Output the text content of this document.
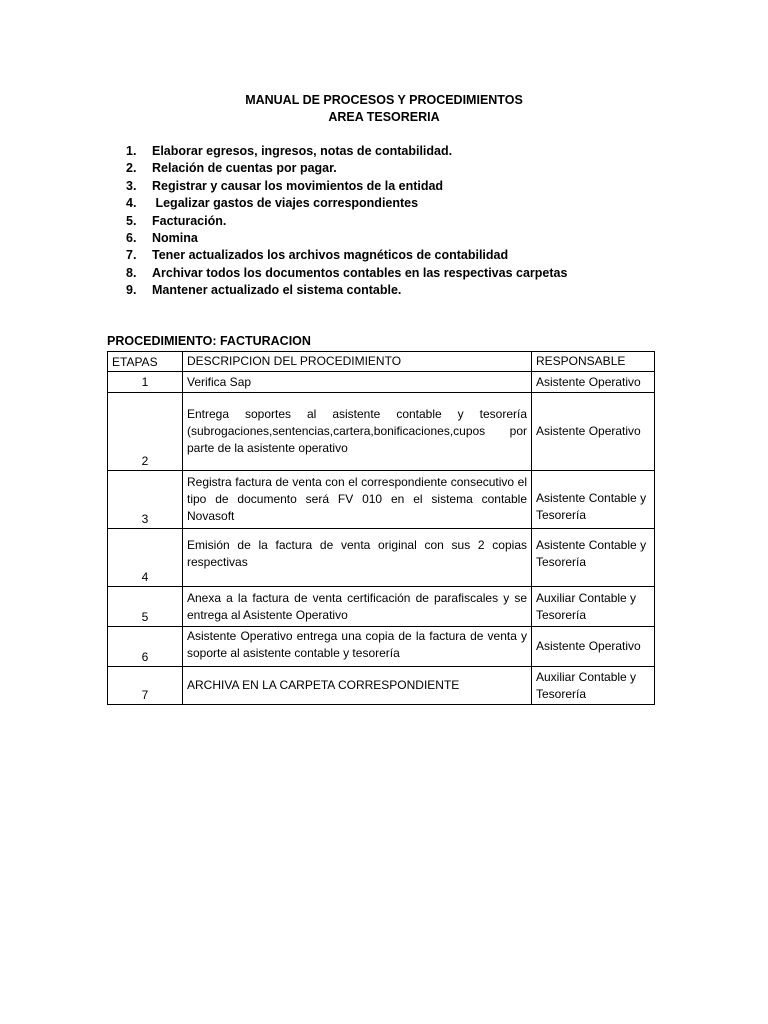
MANUAL DE PROCESOS Y PROCEDIMIENTOS
AREA TESORERIA
1. Elaborar egresos, ingresos, notas de contabilidad.
2. Relación de cuentas por pagar.
3. Registrar y causar los movimientos de la entidad
4. Legalizar gastos de viajes correspondientes
5. Facturación.
6. Nomina
7. Tener actualizados los archivos magnéticos de contabilidad
8. Archivar todos los documentos contables en las respectivas carpetas
9. Mantener actualizado el sistema contable.
PROCEDIMIENTO: FACTURACION
ETAPAS	DESCRIPCION DEL PROCEDIMIENTO	RESPONSABLE
1	Verifica Sap	Asistente Operativo
2	Entrega soportes al asistente contable y tesorería (subrogaciones,sentencias,cartera,bonificaciones,cupos por parte de la asistente operativo	Asistente Operativo
3	Registra factura de venta con el correspondiente consecutivo el tipo de documento será FV 010 en el sistema contable Novasoft	Asistente Contable y Tesorería
4	Emisión de la factura de venta original con sus 2 copias respectivas	Asistente Contable y Tesorería
5	Anexa a la factura de venta certificación de parafiscales y se entrega al Asistente Operativo	Auxiliar Contable y Tesorería
6	Asistente Operativo entrega una copia de la factura de venta y soporte al asistente contable y tesorería	Asistente Operativo
7	ARCHIVA EN LA CARPETA CORRESPONDIENTE	Auxiliar Contable y Tesorería
